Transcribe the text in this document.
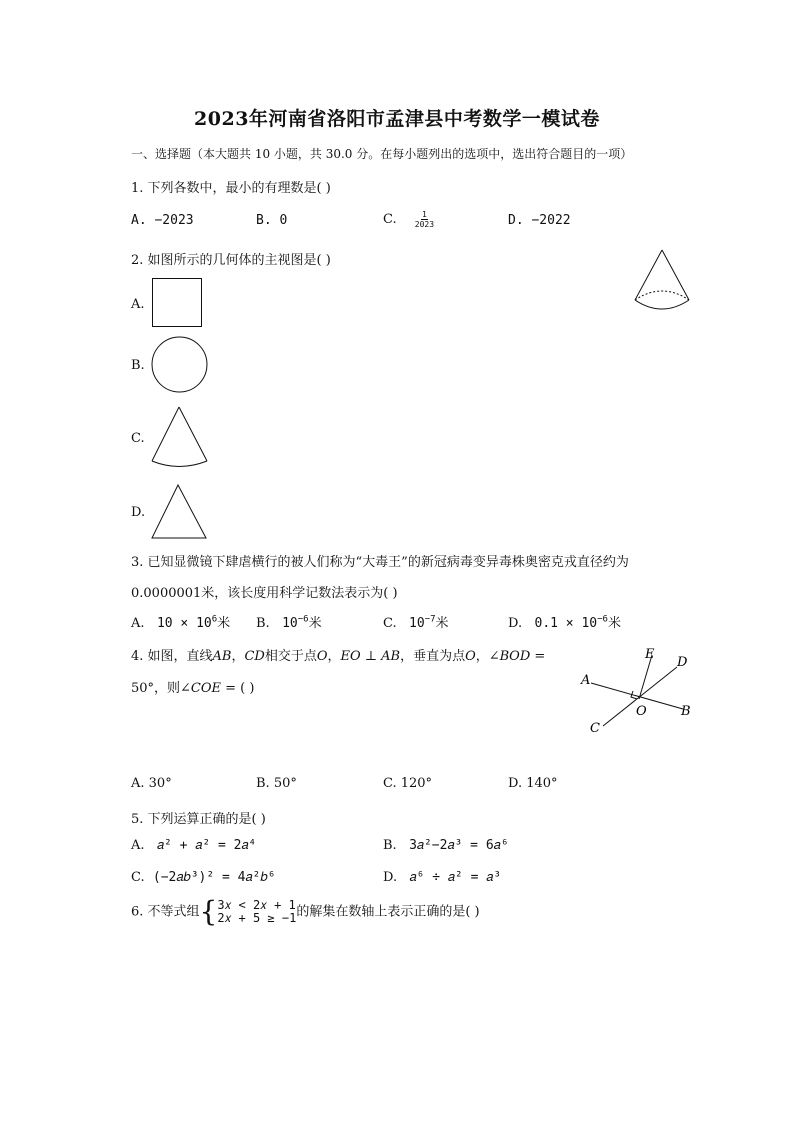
2023年河南省洛阳市孟津县中考数学一模试卷
一、选择题（本大题共 10 小题，共 30.0 分。在每小题列出的选项中，选出符合题目的一项）
1. 下列各数中，最小的有理数是( )
A. −2023	B. 0	C. $\frac{1}{2023}$	D. −2022
2. 如图所示的几何体的主视图是( )
A.
B.
C.
D.
3. 已知显微镜下肆虐横行的被人们称为“大毒王”的新冠病毒变异毒株奥密克戎直径约为
0.0000001米，该长度用科学记数法表示为( )
A. $10 \times 10^6$米 B. $10^{-6}$米	C. $10^{-7}$米	D. $0.1 \times 10^{-6}$米
4. 如图，直线𝐴𝐵，𝐶𝐷相交于点𝑂，𝐸𝑂 ⊥ 𝐴𝐵，垂直为点𝑂，∠𝐵𝑂𝐷 =
50°，则∠𝐶𝑂𝐸 = ( )
A
B
C
D
E
O
A. 30°	B. 50°	C. 120°	D. 140°
5. 下列运算正确的是( )
A. 𝑎² + 𝑎² = 2𝑎⁴	B. 3𝑎²−2𝑎³ = 6𝑎⁶
C. (−2𝑎𝑏³)² = 4𝑎²𝑏⁶	D. 𝑎⁶ ÷ 𝑎² = 𝑎³
6. 不等式组{ 3𝑥 < 2𝑥 + 1
2𝑥 + 5 ≥ −1 的解集在数轴上表示正确的是( )
